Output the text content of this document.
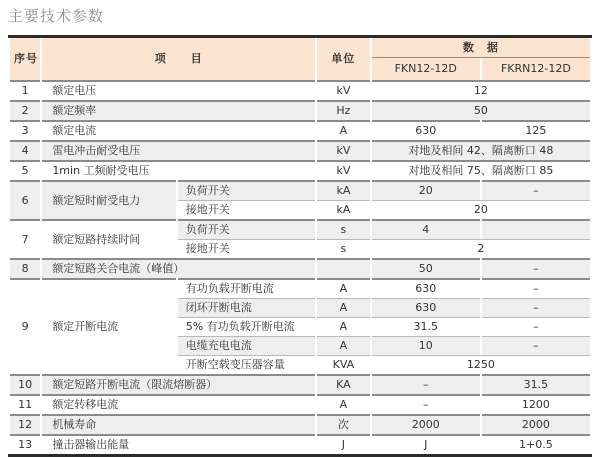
主要技术参数
序号	项　　目		单位	数　据	
				FKN12-12D	FKRN12-12D
1	额定电压		kV	12	
2	额定频率		Hz	50	
3	额定电流		A	630	125
4	雷电冲击耐受电压		kV	对地及相间 42、隔离断口 48	
5	1min 工频耐受电压		kV	对地及相间 75、隔离断口 85	
6	额定短时耐受电力	负荷开关	kA	20	–
		接地开关	kA	20	
7	额定短路持续时间	负荷开关	s	4	
		接地开关	s	2	
8	额定短路关合电流（峰值）			50	–
9	额定开断电流	有功负载开断电流	A	630	–
		闭环开断电流	A	630	–
		5% 有功负载开断电流	A	31.5	–
		电缆充电电流	A	10	–
		开断空载变压器容量	KVA	1250	
10	额定短路开断电流（限流熔断器）		KA	–	31.5
11	额定转移电流		A	–	1200
12	机械寿命		次	2000	2000
13	撞击器输出能量		J	J	1+0.5
